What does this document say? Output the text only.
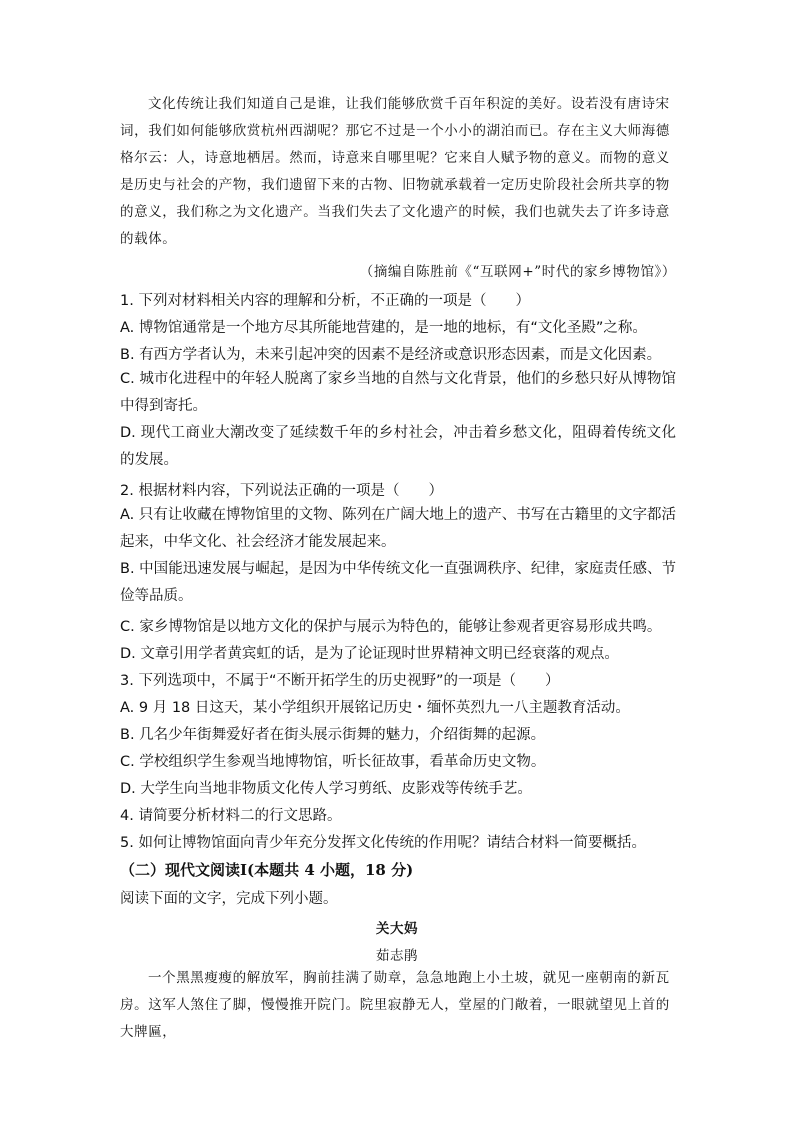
文化传统让我们知道自己是谁，让我们能够欣赏千百年积淀的美好。设若没有唐诗宋词，我们如何能够欣赏杭州西湖呢？那它不过是一个小小的湖泊而已。存在主义大师海德格尔云：人，诗意地栖居。然而，诗意来自哪里呢？它来自人赋予物的意义。而物的意义是历史与社会的产物，我们遗留下来的古物、旧物就承载着一定历史阶段社会所共享的物的意义，我们称之为文化遗产。当我们失去了文化遗产的时候，我们也就失去了许多诗意的载体。

（摘编自陈胜前《“互联网+”时代的家乡博物馆》）

1. 下列对材料相关内容的理解和分析，不正确的一项是（　　）

A. 博物馆通常是一个地方尽其所能地营建的，是一地的地标，有“文化圣殿”之称。

B. 有西方学者认为，未来引起冲突的因素不是经济或意识形态因素，而是文化因素。

C. 城市化进程中的年轻人脱离了家乡当地的自然与文化背景，他们的乡愁只好从博物馆中得到寄托。

D. 现代工商业大潮改变了延续数千年的乡村社会，冲击着乡愁文化，阻碍着传统文化的发展。

2. 根据材料内容，下列说法正确的一项是（　　）

A. 只有让收藏在博物馆里的文物、陈列在广阔大地上的遗产、书写在古籍里的文字都活起来，中华文化、社会经济才能发展起来。

B. 中国能迅速发展与崛起，是因为中华传统文化一直强调秩序、纪律，家庭责任感、节俭等品质。

C. 家乡博物馆是以地方文化的保护与展示为特色的，能够让参观者更容易形成共鸣。

D. 文章引用学者黄宾虹的话，是为了论证现时世界精神文明已经衰落的观点。

3. 下列选项中，不属于“不断开拓学生的历史视野”的一项是（　　）

A. 9 月 18 日这天，某小学组织开展铭记历史・缅怀英烈九一八主题教育活动。

B. 几名少年街舞爱好者在街头展示街舞的魅力，介绍街舞的起源。

C. 学校组织学生参观当地博物馆，听长征故事，看革命历史文物。

D. 大学生向当地非物质文化传人学习剪纸、皮影戏等传统手艺。

4. 请简要分析材料二的行文思路。

5. 如何让博物馆面向青少年充分发挥文化传统的作用呢？请结合材料一简要概括。

（二）现代文阅读Ⅰ(本题共 4 小题，18 分)

阅读下面的文字，完成下列小题。

关大妈

茹志鹃

一个黑黑瘦瘦的解放军，胸前挂满了勋章，急急地跑上小土坡，就见一座朝南的新瓦房。这军人煞住了脚，慢慢推开院门。院里寂静无人，堂屋的门敞着，一眼就望见上首的大牌匾，
